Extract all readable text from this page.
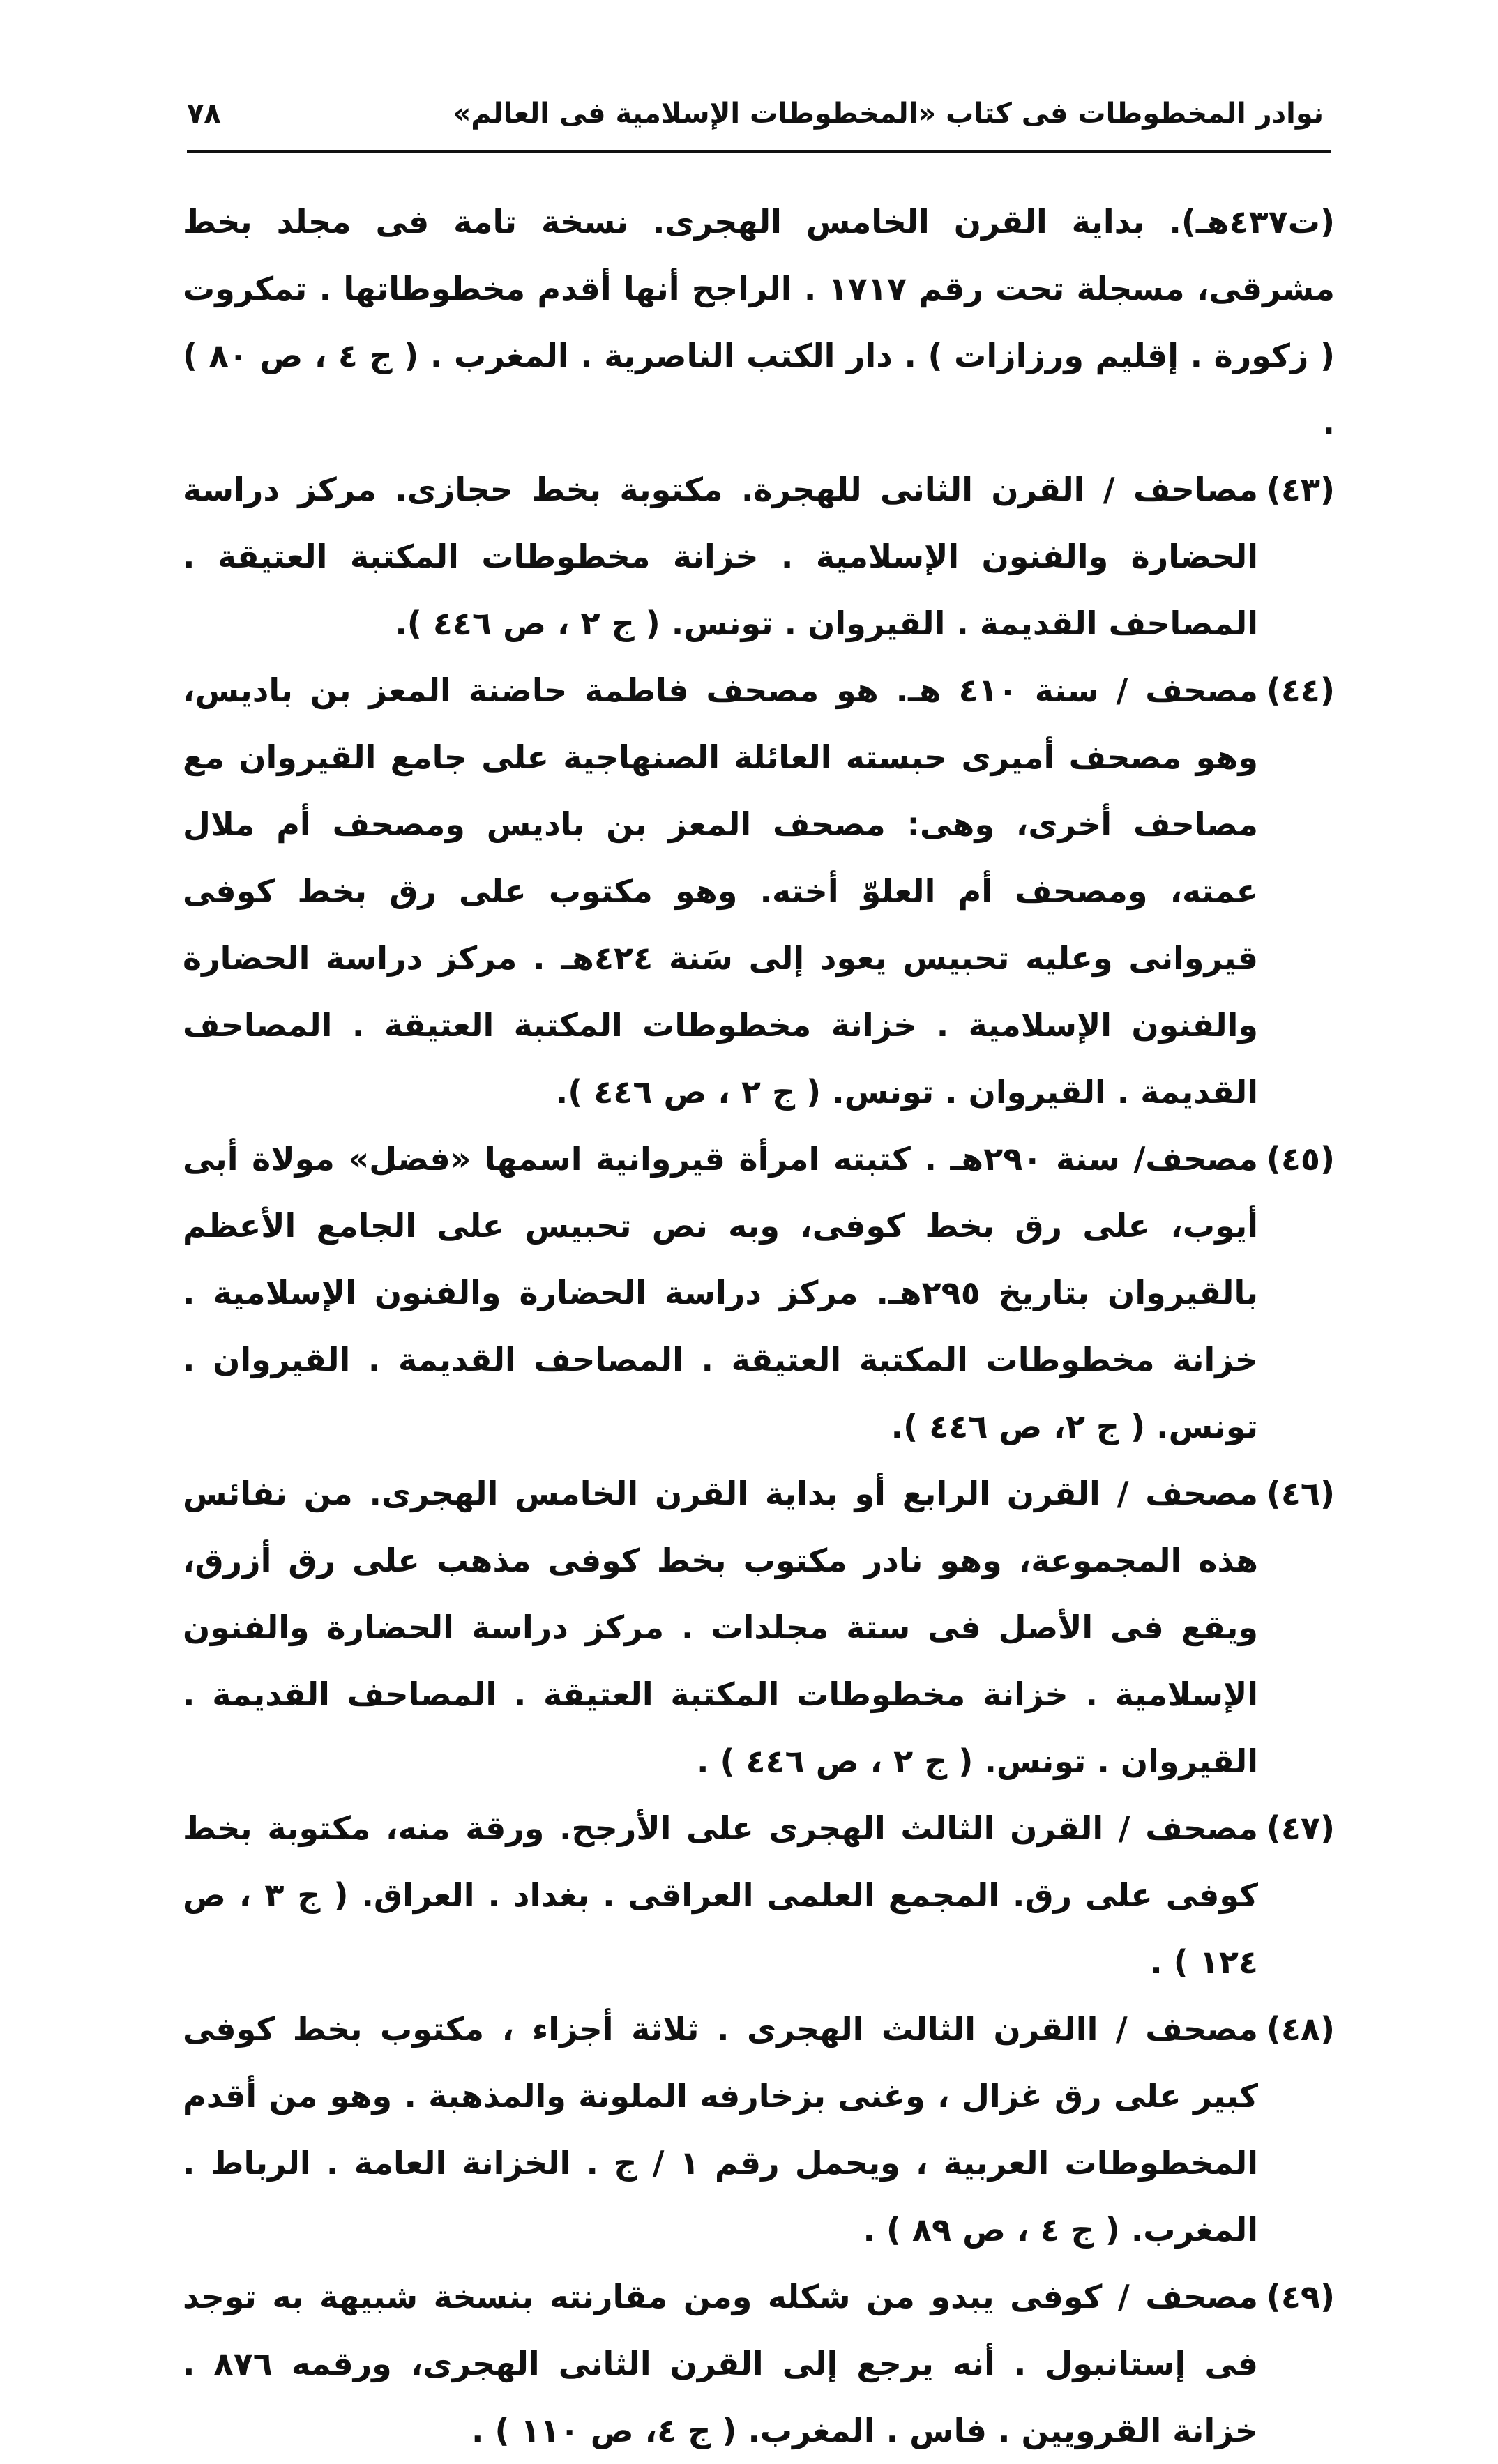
نوادر المخطوطات فى كتاب «المخطوطات الإسلامية فى العالم»
٧٨

(ت٤٣٧هـ). بداية القرن الخامس الهجرى. نسخة تامة فى مجلد بخط مشرقى، مسجلة تحت رقم ١٧١٧ . الراجح أنها أقدم مخطوطاتها . تمكروت ( زكورة . إقليم ورزازات ) . دار الكتب الناصرية . المغرب . ( ج ٤ ، ص ٨٠ ) .

(٤٣)
مصاحف / القرن الثانى للهجرة. مكتوبة بخط حجازى. مركز دراسة الحضارة والفنون الإسلامية . خزانة مخطوطات المكتبة العتيقة . المصاحف القديمة . القيروان . تونس. ( ج ٢ ، ص ٤٤٦ ).
(٤٤)
مصحف / سنة ٤١٠ هـ. هو مصحف فاطمة حاضنة المعز بن باديس، وهو مصحف أميرى حبسته العائلة الصنهاجية على جامع القيروان مع مصاحف أخرى، وهى: مصحف المعز بن باديس ومصحف أم ملال عمته، ومصحف أم العلوّ أخته. وهو مكتوب على رق بخط كوفى قيروانى وعليه تحبيس يعود إلى سَنة ٤٢٤هـ . مركز دراسة الحضارة والفنون الإسلامية . خزانة مخطوطات المكتبة العتيقة . المصاحف القديمة . القيروان . تونس. ( ج ٢ ، ص ٤٤٦ ).
(٤٥)
مصحف/ سنة ٢٩٠هـ . كتبته امرأة قيروانية اسمها «فضل» مولاة أبى أيوب، على رق بخط كوفى، وبه نص تحبيس على الجامع الأعظم بالقيروان بتاريخ ٢٩٥هـ. مركز دراسة الحضارة والفنون الإسلامية . خزانة مخطوطات المكتبة العتيقة . المصاحف القديمة . القيروان . تونس. ( ج ٢، ص ٤٤٦ ).
(٤٦)
مصحف / القرن الرابع أو بداية القرن الخامس الهجرى. من نفائس هذه المجموعة، وهو نادر مكتوب بخط كوفى مذهب على رق أزرق، ويقع فى الأصل فى ستة مجلدات . مركز دراسة الحضارة والفنون الإسلامية . خزانة مخطوطات المكتبة العتيقة . المصاحف القديمة . القيروان . تونس. ( ج ٢ ، ص ٤٤٦ ) .
(٤٧)
مصحف / القرن الثالث الهجرى على الأرجح. ورقة منه، مكتوبة بخط كوفى على رق. المجمع العلمى العراقى . بغداد . العراق. ( ج ٣ ، ص ١٢٤ ) .
(٤٨)
مصحف / االقرن الثالث الهجرى . ثلاثة أجزاء ، مكتوب بخط كوفى كبير على رق غزال ، وغنى بزخارفه الملونة والمذهبة . وهو من أقدم المخطوطات العربية ، ويحمل رقم ١ / ج . الخزانة العامة . الرباط . المغرب. ( ج ٤ ، ص ٨٩ ) .
(٤٩)
مصحف / كوفى يبدو من شكله ومن مقارنته بنسخة شبيهة به توجد فى إستانبول . أنه يرجع إلى القرن الثانى الهجرى، ورقمه ٨٧٦ . خزانة القرويين . فاس . المغرب. ( ج ٤، ص ١١٠ ) .
